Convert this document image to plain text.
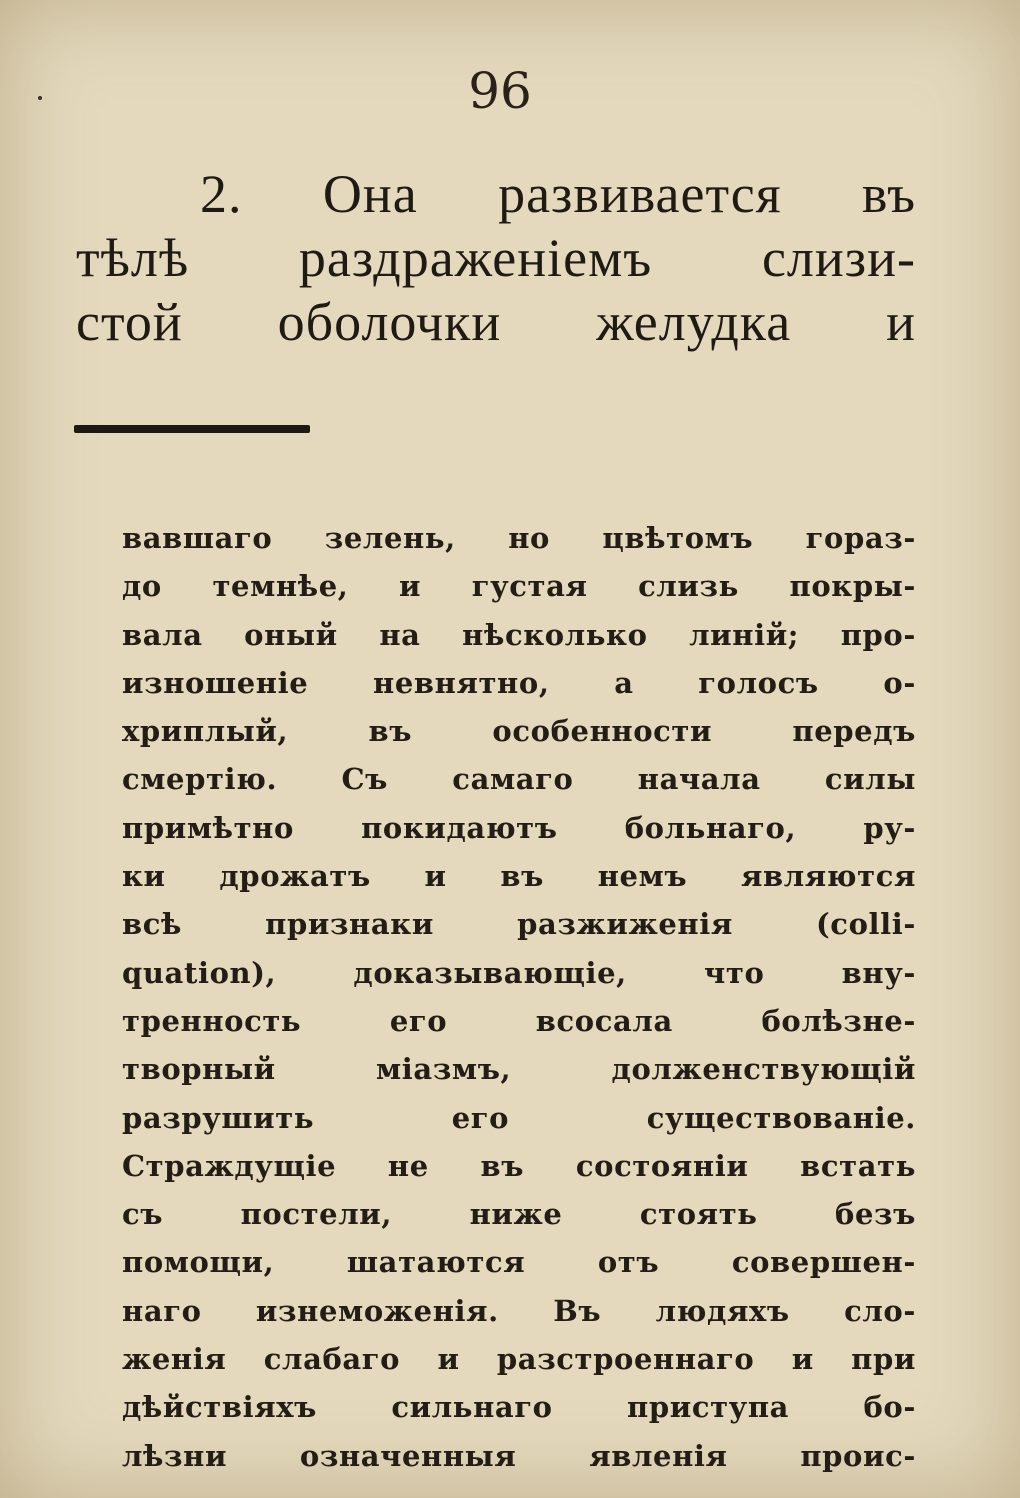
96
2. Она развивается въ
тѣлѣ раздраженіемъ слизи-
стой оболочки желудка и
вавшаго зелень, но цвѣтомъ гораз-
до темнѣе, и густая слизь покры-
вала оный на нѣсколько линій; про-
изношеніе невнятно, а голосъ о-
хриплый, въ особенности передъ
смертію. Съ самаго начала силы
примѣтно покидаютъ больнаго, ру-
ки дрожатъ и въ немъ являются
всѣ признаки разжиженія (colli-
quation), доказывающіе, что вну-
тренность его всосала болѣзне-
творный міазмъ, долженствующій
разрушить его существованіе.
Страждущіе не въ состояніи встать
съ постели, ниже стоять безъ
помощи, шатаются отъ совершен-
наго изнеможенія. Въ людяхъ сло-
женія слабаго и разстроеннаго и при
дѣйствіяхъ сильнаго приступа бо-
лѣзни означенныя явленія проис-
